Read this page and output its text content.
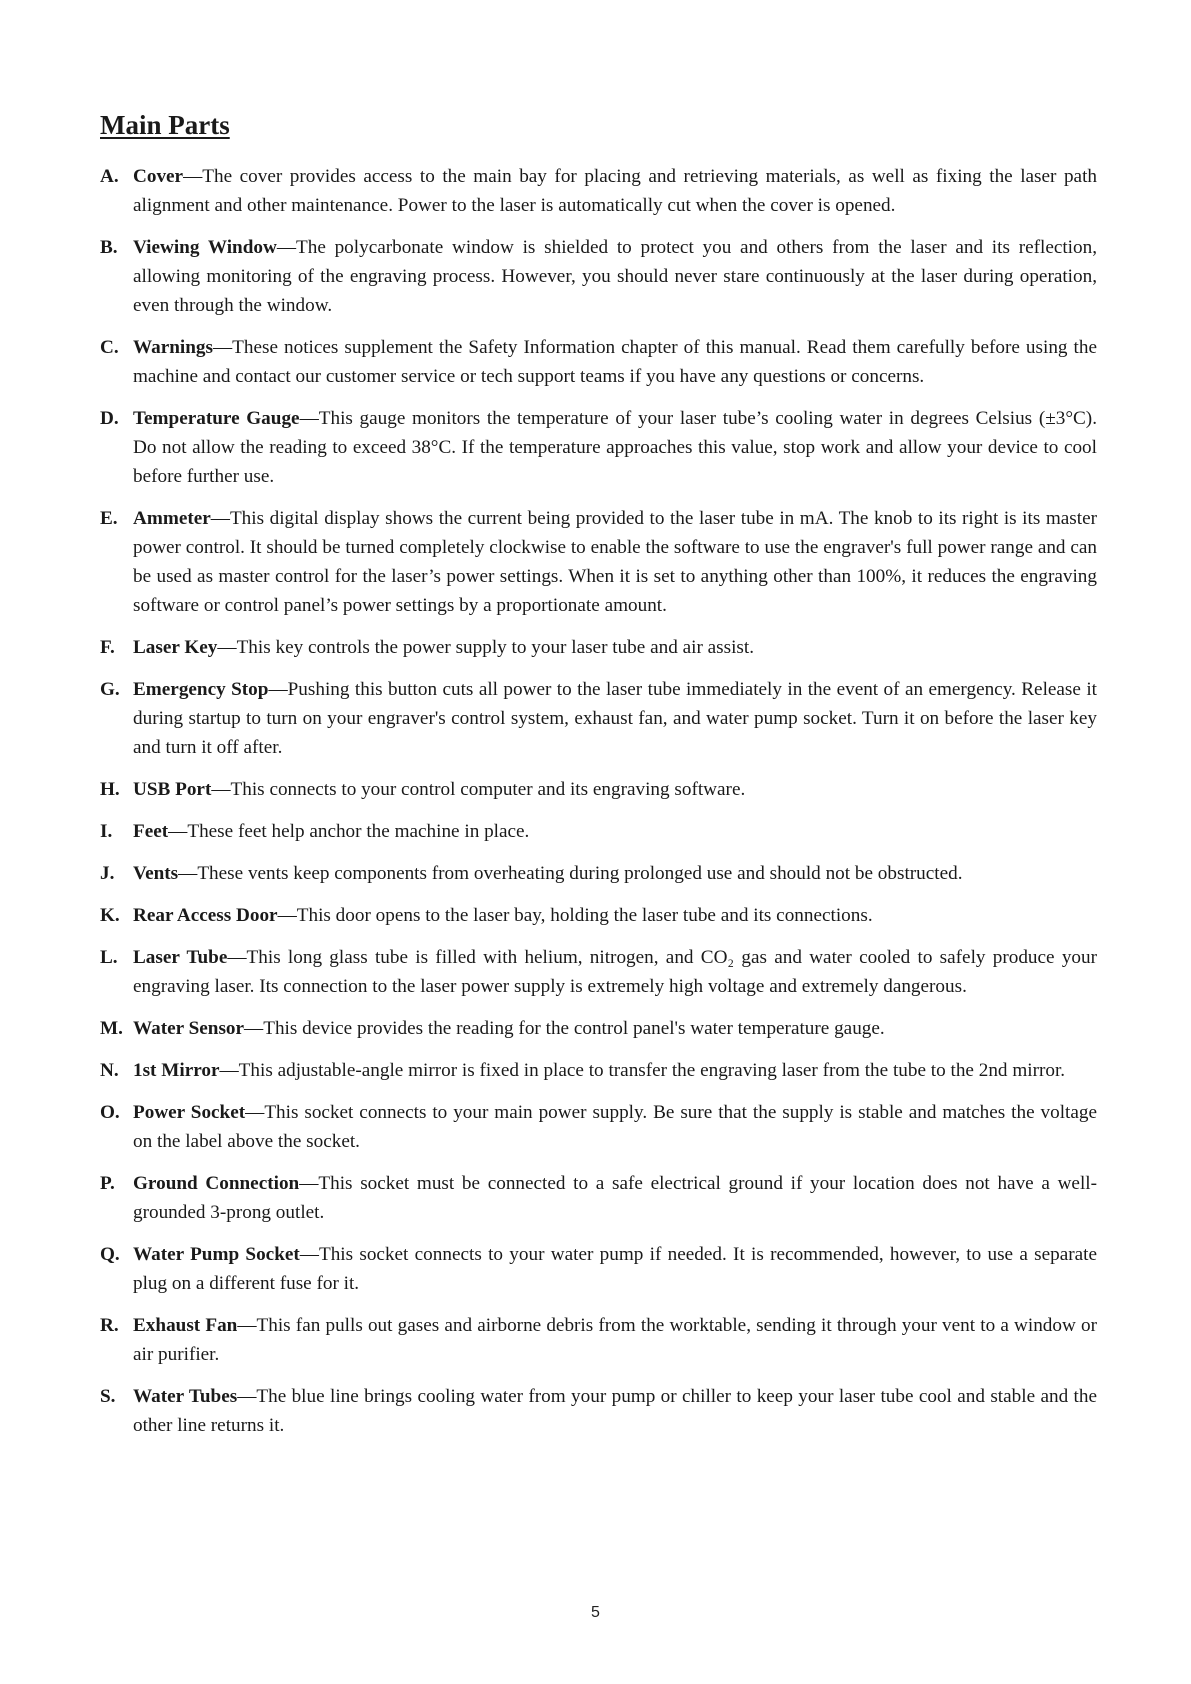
Main Parts
A. Cover—The cover provides access to the main bay for placing and retrieving materials, as well as fixing the laser path alignment and other maintenance. Power to the laser is automatically cut when the cover is opened.
B. Viewing Window—The polycarbonate window is shielded to protect you and others from the laser and its reflection, allowing monitoring of the engraving process. However, you should never stare continuously at the laser during operation, even through the window.
C. Warnings—These notices supplement the Safety Information chapter of this manual. Read them carefully before using the machine and contact our customer service or tech support teams if you have any questions or concerns.
D. Temperature Gauge—This gauge monitors the temperature of your laser tube’s cooling water in degrees Celsius (±3°C). Do not allow the reading to exceed 38°C. If the temperature approaches this value, stop work and allow your device to cool before further use.
E. Ammeter—This digital display shows the current being provided to the laser tube in mA. The knob to its right is its master power control. It should be turned completely clockwise to enable the software to use the engraver's full power range and can be used as master control for the laser’s power settings. When it is set to anything other than 100%, it reduces the engraving software or control panel’s power settings by a proportionate amount.
F. Laser Key—This key controls the power supply to your laser tube and air assist.
G. Emergency Stop—Pushing this button cuts all power to the laser tube immediately in the event of an emergency. Release it during startup to turn on your engraver's control system, exhaust fan, and water pump socket. Turn it on before the laser key and turn it off after.
H. USB Port—This connects to your control computer and its engraving software.
I. Feet—These feet help anchor the machine in place.
J. Vents—These vents keep components from overheating during prolonged use and should not be obstructed.
K. Rear Access Door—This door opens to the laser bay, holding the laser tube and its connections.
L. Laser Tube—This long glass tube is filled with helium, nitrogen, and CO₂ gas and water cooled to safely produce your engraving laser. Its connection to the laser power supply is extremely high voltage and extremely dangerous.
M. Water Sensor—This device provides the reading for the control panel's water temperature gauge.
N. 1st Mirror—This adjustable-angle mirror is fixed in place to transfer the engraving laser from the tube to the 2nd mirror.
O. Power Socket—This socket connects to your main power supply. Be sure that the supply is stable and matches the voltage on the label above the socket.
P. Ground Connection—This socket must be connected to a safe electrical ground if your location does not have a well-grounded 3-prong outlet.
Q. Water Pump Socket—This socket connects to your water pump if needed. It is recommended, however, to use a separate plug on a different fuse for it.
R. Exhaust Fan—This fan pulls out gases and airborne debris from the worktable, sending it through your vent to a window or air purifier.
S. Water Tubes—The blue line brings cooling water from your pump or chiller to keep your laser tube cool and stable and the other line returns it.
5
